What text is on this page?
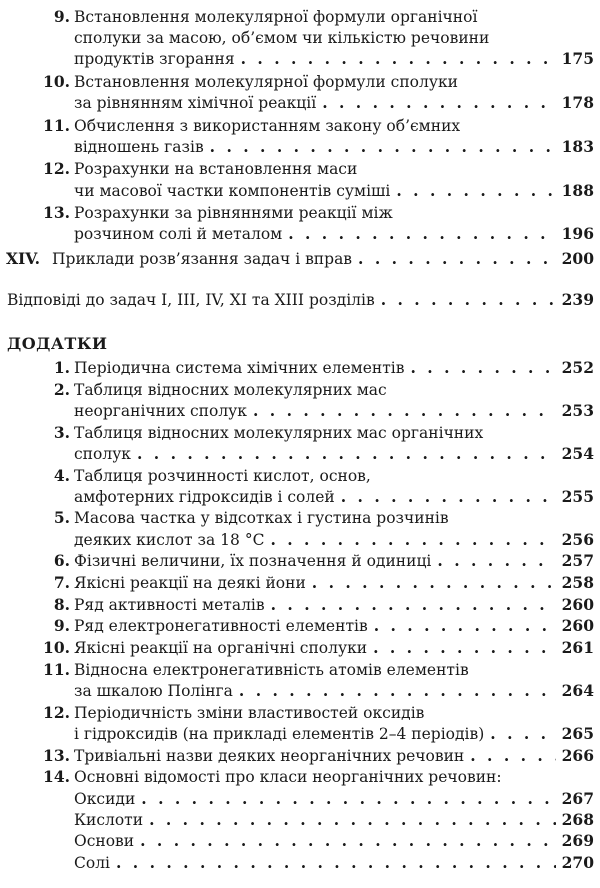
9. Встановлення молекулярної формули органічної
сполуки за масою, об’ємом чи кількістю речовини
продуктів згорання . . .	175
10. Встановлення молекулярної формули сполуки
за рівнянням хімічної реакції . . .	178
11. Обчислення з використанням закону об’ємних
відношень газів . . .	183
12. Розрахунки на встановлення маси
чи масової частки компонентів суміші . . .	188
13. Розрахунки за рівняннями реакції між
розчином солі й металом . . .	196
XIV. Приклади розв’язання задач і вправ . . .	200
Відповіді до задач I, III, IV, XI та XIII розділів . . .	239
ДОДАТКИ
1. Періодична система хімічних елементів . . .	252
2. Таблиця відносних молекулярних мас
неорганічних сполук . . .	253
3. Таблиця відносних молекулярних мас органічних
сполук . . .	254
4. Таблиця розчинності кислот, основ,
амфотерних гідроксидів і солей . . .	255
5. Масова частка у відсотках і густина розчинів
деяких кислот за 18 °С . . .	256
6. Фізичні величини, їх позначення й одиниці . . .	257
7. Якісні реакції на деякі йони . . .	258
8. Ряд активності металів . . .	260
9. Ряд електронегативності елементів . . .	260
10. Якісні реакції на органічні сполуки . . .	261
11. Відносна електронегативність атомів елементів
за шкалою Полінга . . .	264
12. Періодичність зміни властивостей оксидів
і гідроксидів (на прикладі елементів 2–4 періодів) . . .	265
13. Тривіальні назви деяких неорганічних речовин . . .	266
14. Основні відомості про класи неорганічних речовин:
Оксиди . . .	267
Кислоти . . .	268
Основи . . .	269
Солі . . .	270
